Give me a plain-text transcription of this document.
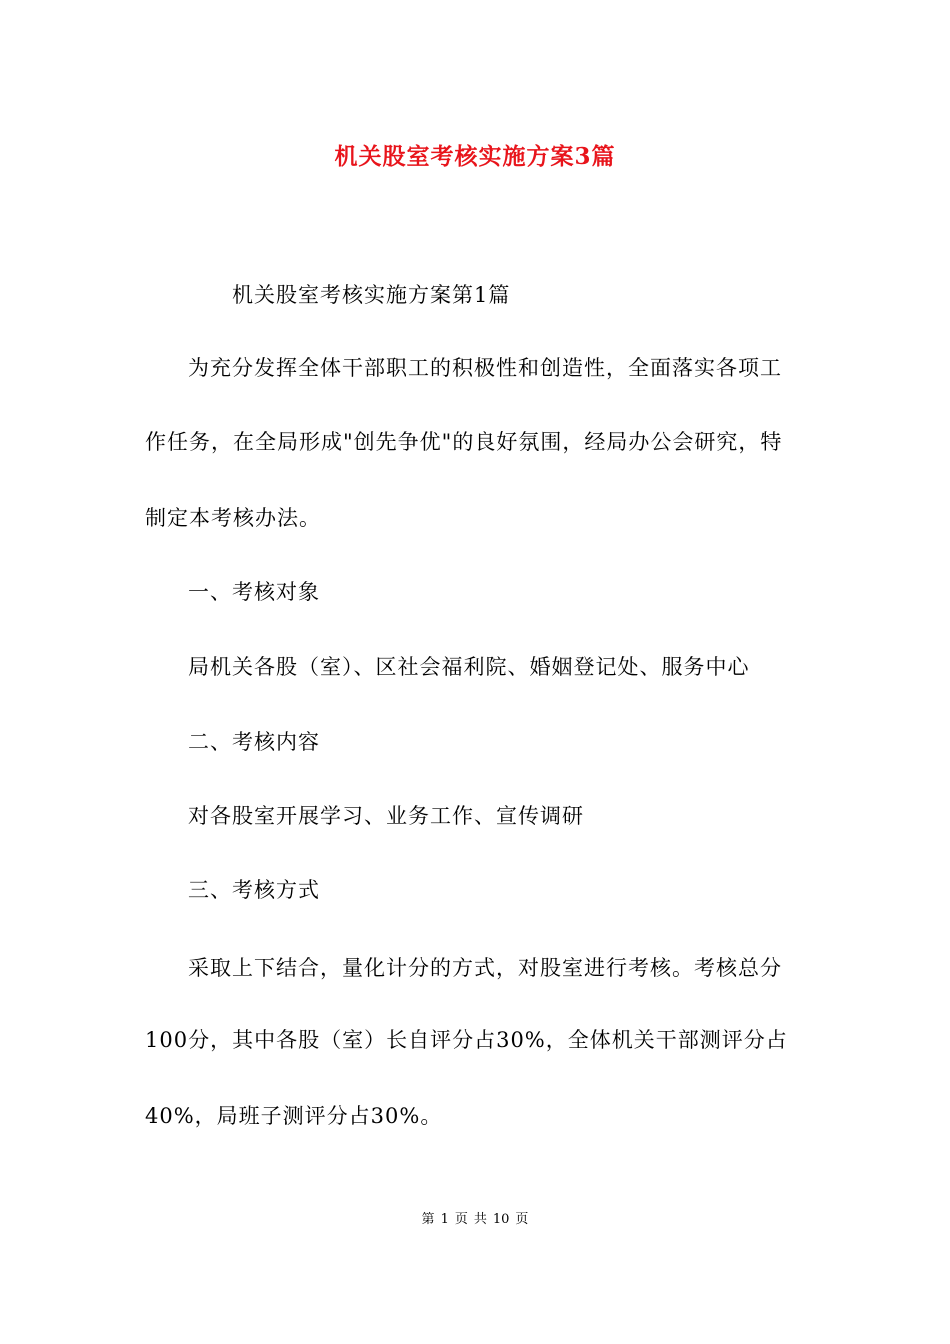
机关股室考核实施方案3篇
机关股室考核实施方案第1篇
为充分发挥全体干部职工的积极性和创造性，全面落实各项工
作任务，在全局形成"创先争优"的良好氛围，经局办公会研究，特
制定本考核办法。
一、考核对象
局机关各股（室）、区社会福利院、婚姻登记处、服务中心
二、考核内容
对各股室开展学习、业务工作、宣传调研
三、考核方式
采取上下结合，量化计分的方式，对股室进行考核。考核总分
100分，其中各股（室）长自评分占30%，全体机关干部测评分占
40%，局班子测评分占30%。
第 1 页 共 10 页
